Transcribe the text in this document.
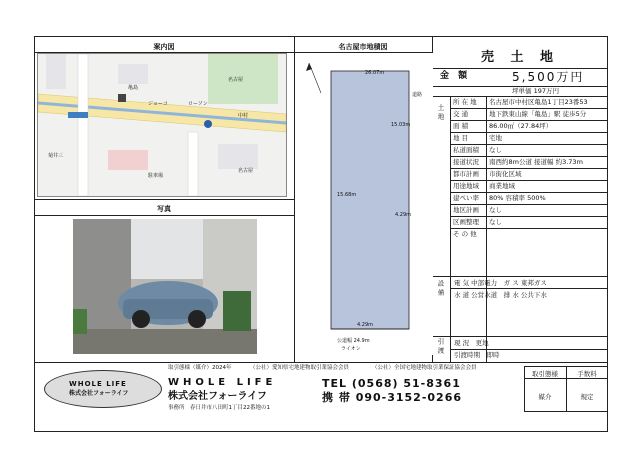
案内図	名古屋市地積図
写真
売 土 地
金 額	5,500万円
坪単価 197万円
亀島
ローソン
名古屋
菊井三
中村
ジョーコ
駐車場
名古屋
26.07m
道路
15.03m
15.68m
4.29m
4.29m
公道幅 24.9m
ライオン
土 地
設 備
引 渡
所 在 地 名古屋市中村区亀島1丁目23番53
交 通	地下鉄東山線「亀島」駅 徒歩5分
面 積	86.00㎡（27.84坪）
地 目	宅地
私道面積 なし
接道状況 南西約8m公道 接道幅 約3.73m
都市計画 市街化区域
用途地域 商業地域
建ぺい率 80% 容積率 500%
地区計画 なし
区画整理 なし
そ の 他
電 気 中部電力　 ガ ス 東邦ガス
水 道 公営水道　 排 水 公共下水
現 況　 更地
引渡時期　 即時
取引態様（媒介）2024年	（公社）愛知県宅地建物取引業協会会員	（公社）全国宅地建物取引業保証協会会員
WHOLE LIFE
株式会社フォーライフ
WHOLE LIFE
株式会社フォーライフ
事務所　 春日井市八田町1丁目22番地の1
TEL (0568) 51-8361
携 帯 090-3152-0266
取引態様	手数料
媒介	規定
